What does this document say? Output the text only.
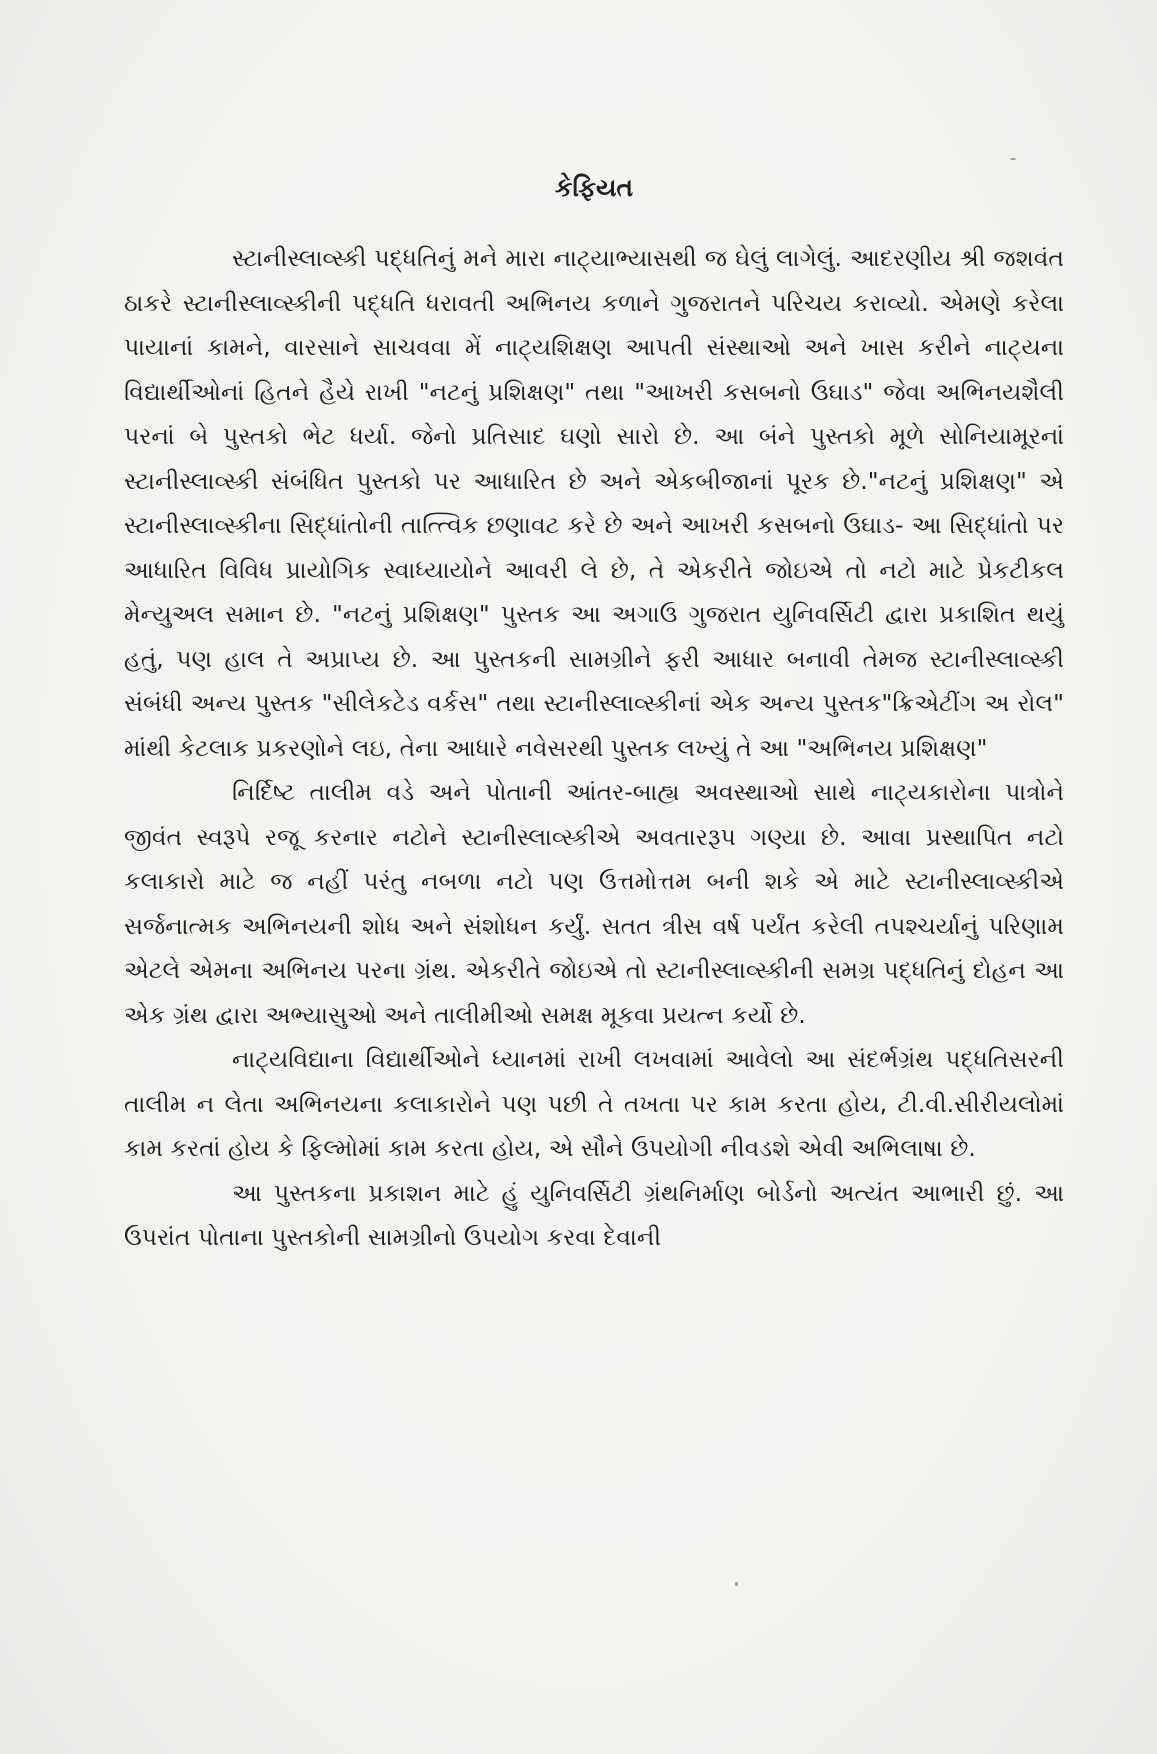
કેફિયત

સ્ટાનીસ્લાવ્સ્કી પદ્ધતિનું મને મારા નાટ્યાભ્યાસથી જ ઘેલું લાગેલું. આદરણીય શ્રી જશવંત ઠાકરે સ્ટાનીસ્લાવ્સ્કીની પદ્ધતિ ધરાવતી અભિનય કળાને ગુજરાતને પરિચય કરાવ્યો. એમણે કરેલા પાયાનાં કામને, વારસાને સાચવવા મેં નાટ્યશિક્ષણ આપતી સંસ્થાઓ અને ખાસ કરીને નાટ્યના વિદ્યાર્થીઓનાં હિતને હૈયે રાખી "નટનું પ્રશિક્ષણ" તથા "આખરી કસબનો ઉઘાડ" જેવા અભિનયશૈલી પરનાં બે પુસ્તકો ભેટ ધર્યા. જેનો પ્રતિસાદ ઘણો સારો છે. આ બંને પુસ્તકો મૂળે સોનિયામૂરનાં સ્ટાનીસ્લાવ્સ્કી સંબંધિત પુસ્તકો પર આધારિત છે અને એકબીજાનાં પૂરક છે."નટનું પ્રશિક્ષણ" એ સ્ટાનીસ્લાવ્સ્કીના સિદ્ધાંતોની તાત્ત્વિક છણાવટ કરે છે અને આખરી કસબનો ઉઘાડ- આ સિદ્ધાંતો પર આધારિત વિવિધ પ્રાયોગિક સ્વાધ્યાયોને આવરી લે છે, તે એકરીતે જોઇએ તો નટો માટે પ્રેકટીકલ મેન્યુઅલ સમાન છે. "નટનું પ્રશિક્ષણ" પુસ્તક આ અગાઉ ગુજરાત યુનિવર્સિટી દ્વારા પ્રકાશિત થયું હતું, પણ હાલ તે અપ્રાપ્ય છે. આ પુસ્તકની સામગ્રીને ફરી આધાર બનાવી તેમજ સ્ટાનીસ્લાવ્સ્કી સંબંધી અન્ય પુસ્તક "સીલેકટેડ વર્કસ" તથા સ્ટાનીસ્લાવ્સ્કીનાં એક અન્ય પુસ્તક"ક્રિએટીંગ અ રોલ" માંથી કેટલાક પ્રકરણોને લઇ, તેના આધારે નવેસરથી પુસ્તક લખ્યું તે આ "અભિનય પ્રશિક્ષણ"

નિર્દિષ્ટ તાલીમ વડે અને પોતાની આંતર-બાહ્ય અવસ્થાઓ સાથે નાટ્યકારોના પાત્રોને જીવંત સ્વરૂપે રજૂ કરનાર નટોને સ્ટાનીસ્લાવ્સ્કીએ અવતારરૂપ ગણ્યા છે. આવા પ્રસ્થાપિત નટો કલાકારો માટે જ નહીં પરંતુ નબળા નટો પણ ઉત્તમોત્તમ બની શકે એ માટે સ્ટાનીસ્લાવ્સ્કીએ સર્જનાત્મક અભિનયની શોધ અને સંશોધન કર્યું. સતત ત્રીસ વર્ષ પર્યંત કરેલી તપશ્ચર્યાનું પરિણામ એટલે એમના અભિનય પરના ગ્રંથ. એકરીતે જોઇએ તો સ્ટાનીસ્લાવ્સ્કીની સમગ્ર પદ્ધતિનું દોહન આ એક ગ્રંથ દ્વારા અભ્યાસુઓ અને તાલીમીઓ સમક્ષ મૂકવા પ્રયત્ન કર્યો છે.

નાટ્યવિદ્યાના વિદ્યાર્થીઓને ધ્યાનમાં રાખી લખવામાં આવેલો આ સંદર્ભગ્રંથ પદ્ધતિસરની તાલીમ ન લેતા અભિનયના કલાકારોને પણ પછી તે તખતા પર કામ કરતા હોય, ટી.વી.સીરીયલોમાં કામ કરતાં હોય કે ફિલ્મોમાં કામ કરતા હોય, એ સૌને ઉપયોગી નીવડશે એવી અભિલાષા છે.

આ પુસ્તકના પ્રકાશન માટે હું યુનિવર્સિટી ગ્રંથનિર્માણ બોર્ડનો અત્યંત આભારી છું. આ ઉપરાંત પોતાના પુસ્તકોની સામગ્રીનો ઉપયોગ કરવા દેવાની
